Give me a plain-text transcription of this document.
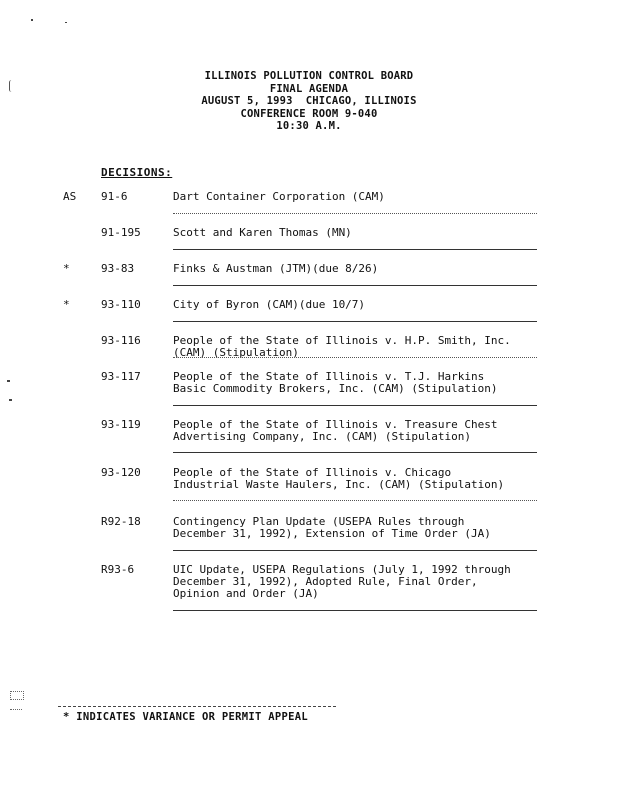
ILLINOIS POLLUTION CONTROL BOARD
FINAL AGENDA
AUGUST 5, 1993  CHICAGO, ILLINOIS
CONFERENCE ROOM 9-040
10:30 A.M.
DECISIONS:
AS 91-6	Dart Container Corporation (CAM)
91-195	Scott and Karen Thomas (MN)
*	93-83	Finks & Austman (JTM)(due 8/26)
*	93-110	City of Byron (CAM)(due 10/7)
93-116	People of the State of Illinois v. H.P. Smith, Inc.
(CAM) (Stipulation)
93-117	People of the State of Illinois v. T.J. Harkins
Basic Commodity Brokers, Inc. (CAM) (Stipulation)
93-119	People of the State of Illinois v. Treasure Chest
Advertising Company, Inc. (CAM) (Stipulation)
93-120	People of the State of Illinois v. Chicago
Industrial Waste Haulers, Inc. (CAM) (Stipulation)
R92-18	Contingency Plan Update (USEPA Rules through
December 31, 1992), Extension of Time Order (JA)
R93-6	UIC Update, USEPA Regulations (July 1, 1992 through
December 31, 1992), Adopted Rule, Final Order,
Opinion and Order (JA)
* INDICATES VARIANCE OR PERMIT APPEAL
